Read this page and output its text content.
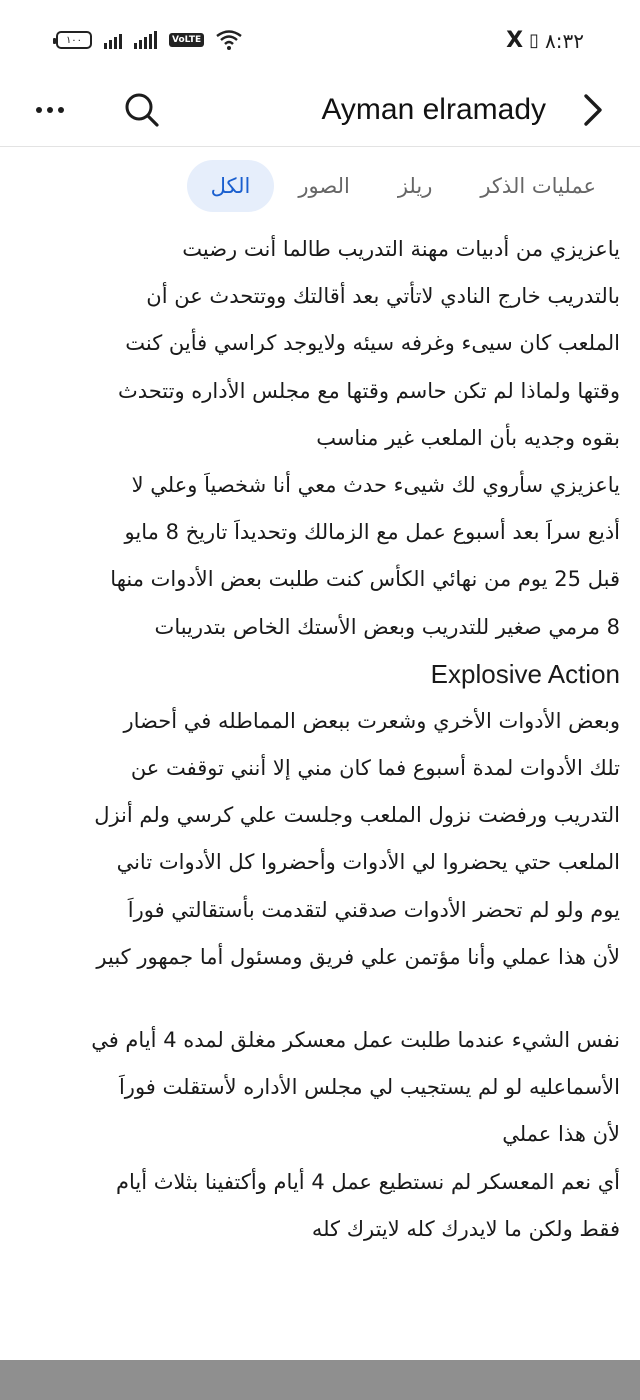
١٠٠	VoLTE	X ▯ ٨:٣٢
Ayman elramady
الكل	الصور	ريلز	عمليات الذكر
ياعزيزي من أدبيات مهنة التدريب طالما أنت رضيت
بالتدريب خارج النادي لاتأتي بعد أقالتك ووتتحدث عن أن
الملعب كان سيىء وغرفه سيئه ولايوجد كراسي فأين كنت
وقتها ولماذا لم تكن حاسم وقتها مع مجلس الأداره وتتحدث
بقوه وجديه بأن الملعب غير مناسب
ياعزيزي سأروي لك شيىء حدث معي أنا شخصياَ وعلي لا
أذيع سراَ بعد أسبوع عمل مع الزمالك وتحديداَ تاريخ 8 مايو
قبل 25 يوم من نهائي الكأس كنت طلبت بعض الأدوات منها
8 مرمي صغير للتدريب وبعض الأستك الخاص بتدريبات
Explosive Action
وبعض الأدوات الأخري وشعرت ببعض المماطله في أحضار
تلك الأدوات لمدة أسبوع فما كان مني إلا أنني توقفت عن
التدريب ورفضت نزول الملعب وجلست علي كرسي ولم أنزل
الملعب حتي يحضروا لي الأدوات وأحضروا كل الأدوات تاني
يوم ولو لم تحضر الأدوات صدقني لتقدمت بأستقالتي فوراَ
لأن هذا عملي وأنا مؤتمن علي فريق ومسئول أما جمهور كبير
نفس الشيء عندما طلبت عمل معسكر مغلق لمده 4 أيام في
الأسماعليه لو لم يستجيب لي مجلس الأداره لأستقلت فوراَ
لأن هذا عملي
أي نعم المعسكر لم نستطيع عمل 4 أيام وأكتفينا بثلاث أيام
فقط ولكن ما لايدرك كله لايترك كله
